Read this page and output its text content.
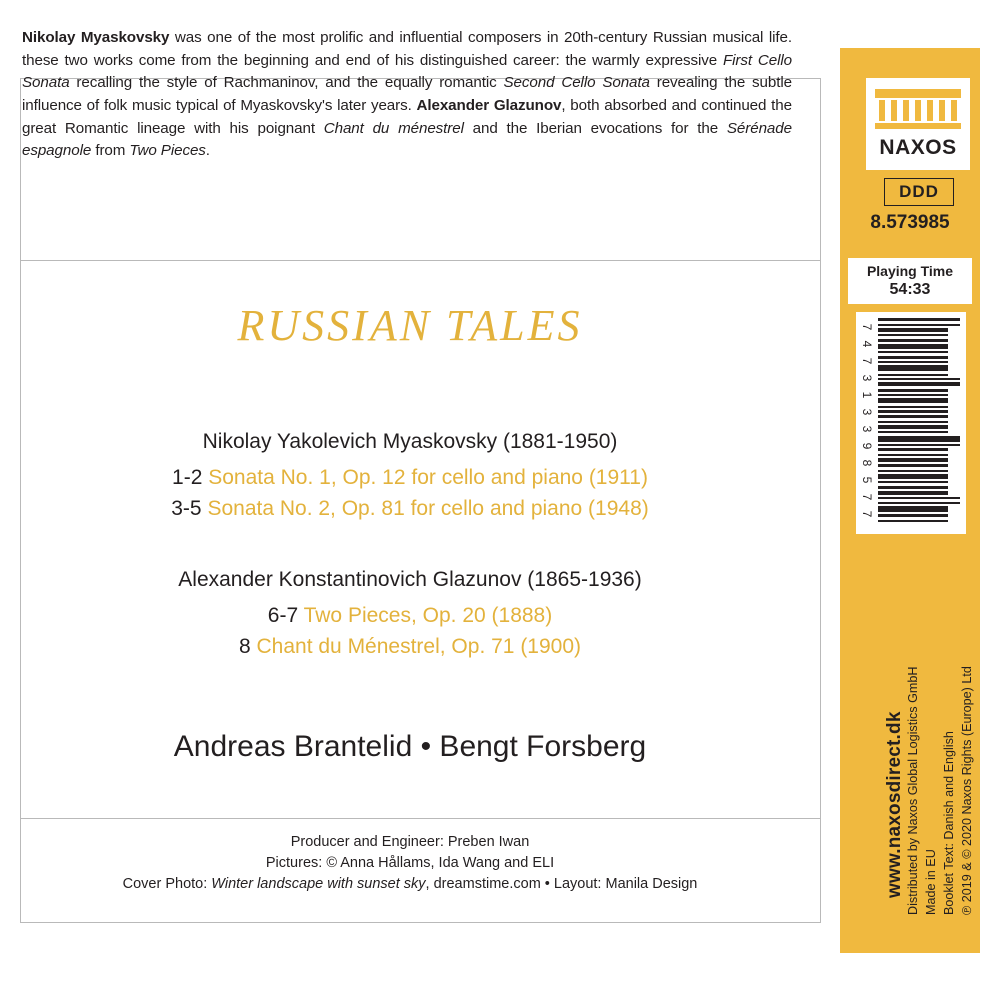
Nikolay Myaskovsky was one of the most prolific and influential composers in 20th-century Russian musical life. these two works come from the beginning and end of his distinguished career: the warmly expressive First Cello Sonata recalling the style of Rachmaninov, and the equally romantic Second Cello Sonata revealing the subtle influence of folk music typical of Myaskovsky's later years. Alexander Glazunov, both absorbed and continued the great Romantic lineage with his poignant Chant du ménestrel and the Iberian evocations for the Sérénade espagnole from Two Pieces.

RUSSIAN TALES
Nikolay Yakolevich Myaskovsky (1881-1950)
1-2 Sonata No. 1, Op. 12 for cello and piano (1911)
3-5 Sonata No. 2, Op. 81 for cello and piano (1948)
Alexander Konstantinovich Glazunov (1865-1936)
6-7 Two Pieces, Op. 20 (1888)
8 Chant du Ménestrel, Op. 71 (1900)
Andreas Brantelid • Bengt Forsberg
Producer and Engineer: Preben Iwan
Pictures: © Anna Hållams, Ida Wang and ELI
Cover Photo: Winter landscape with sunset sky, dreamstime.com • Layout: Manila Design
NAXOS
DDD
8.573985
Playing Time
54:33
7
4
7
3
1
3
3
9
8
5
7
7
www.naxosdirect.dk	℗ 2019 & © 2020 Naxos Rights (Europe) Ltd
Booklet Text: Danish and English
Made in EU
Distributed by Naxos Global Logistics GmbH
